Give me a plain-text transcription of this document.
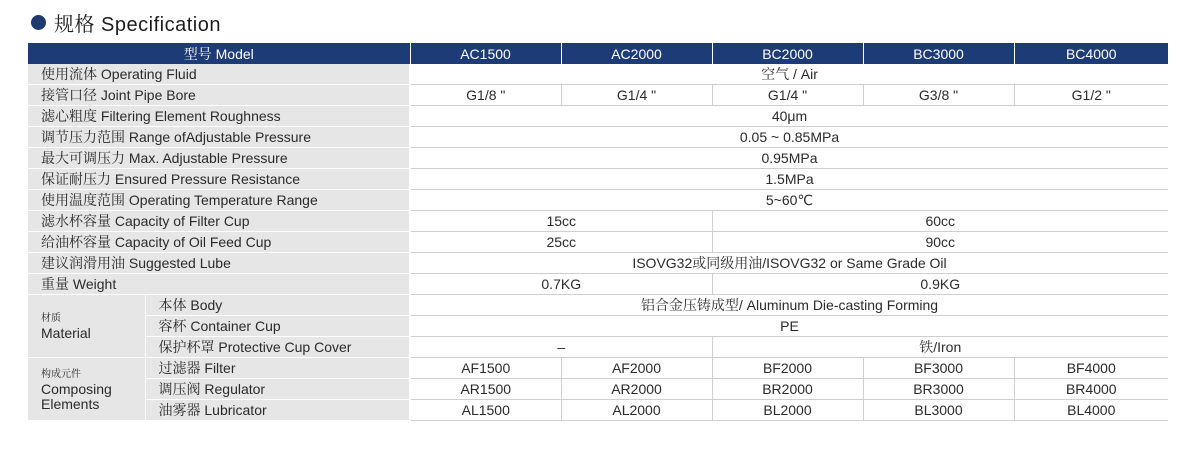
规格 Specification
型号 Model		AC1500	AC2000	BC2000	BC3000	BC4000
使用流体 Operating Fluid		空气 / Air				
接管口径 Joint Pipe Bore		G1/8 "	G1/4 "	G1/4 "	G3/8 "	G1/2 "
滤心粗度 Filtering Element Roughness		40μm				
调节压力范围 Range ofAdjustable Pressure		0.05 ~ 0.85MPa				
最大可调压力 Max. Adjustable Pressure		0.95MPa				
保证耐压力 Ensured Pressure Resistance		1.5MPa				
使用温度范围 Operating Temperature Range		5~60℃				
滤水杯容量 Capacity of Filter Cup		15cc		60cc		
给油杯容量 Capacity of Oil Feed Cup		25cc		90cc		
建议润滑用油 Suggested Lube		ISOVG32或同级用油/ISOVG32 or Same Grade Oil				
重量 Weight		0.7KG		0.9KG		

材质
Material	本体 Body	铝合金压铸成型/ Aluminum Die-casting Forming				
	容杯 Container Cup	PE				
	保护杯罩 Protective Cup Cover	–		铁/Iron		

构成元件
Composing
Elements	过滤器 Filter	AF1500	AF2000	BF2000	BF3000	BF4000
	调压阀 Regulator	AR1500	AR2000	BR2000	BR3000	BR4000
	油雾器 Lubricator	AL1500	AL2000	BL2000	BL3000	BL4000
